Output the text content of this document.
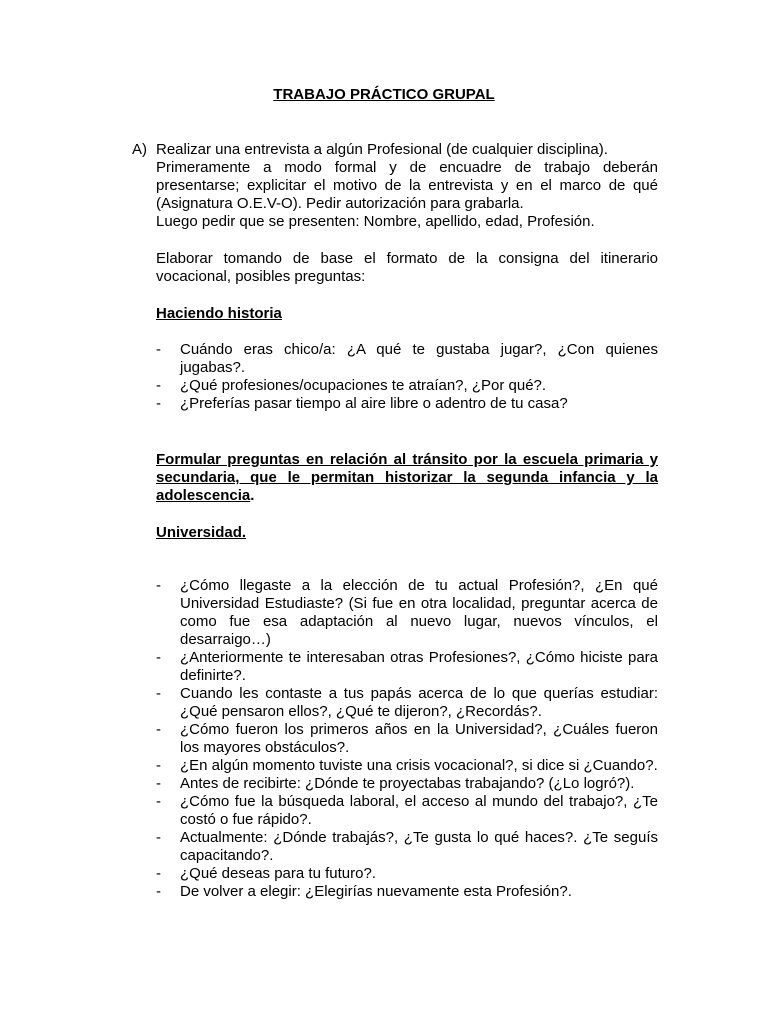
TRABAJO PRÁCTICO GRUPAL
A) Realizar una entrevista a algún Profesional (de cualquier disciplina).
Primeramente a modo formal y de encuadre de trabajo deberán
presentarse; explicitar el motivo de la entrevista y en el marco de qué
(Asignatura O.E.V-O). Pedir autorización para grabarla.
Luego pedir que se presenten: Nombre, apellido, edad, Profesión.
Elaborar tomando de base el formato de la consigna del itinerario vocacional, posibles preguntas:
Haciendo historia
- Cuándo eras chico/a: ¿A qué te gustaba jugar?, ¿Con quienes jugabas?.
- ¿Qué profesiones/ocupaciones te atraían?, ¿Por qué?.
- ¿Preferías pasar tiempo al aire libre o adentro de tu casa?
Formular preguntas en relación al tránsito por la escuela primaria y secundaria, que le permitan historizar la segunda infancia y la adolescencia.
Universidad.
- ¿Cómo llegaste a la elección de tu actual Profesión?, ¿En qué Universidad Estudiaste? (Si fue en otra localidad, preguntar acerca de como fue esa adaptación al nuevo lugar, nuevos vínculos, el desarraigo…)
- ¿Anteriormente te interesaban otras Profesiones?, ¿Cómo hiciste para definirte?.
- Cuando les contaste a tus papás acerca de lo que querías estudiar: ¿Qué pensaron ellos?, ¿Qué te dijeron?, ¿Recordás?.
- ¿Cómo fueron los primeros años en la Universidad?, ¿Cuáles fueron los mayores obstáculos?.
- ¿En algún momento tuviste una crisis vocacional?, si dice si ¿Cuando?.
- Antes de recibirte: ¿Dónde te proyectabas trabajando? (¿Lo logró?).
- ¿Cómo fue la búsqueda laboral, el acceso al mundo del trabajo?, ¿Te costó o fue rápido?.
- Actualmente: ¿Dónde trabajás?, ¿Te gusta lo qué haces?. ¿Te seguís capacitando?.
- ¿Qué deseas para tu futuro?.
- De volver a elegir: ¿Elegirías nuevamente esta Profesión?.
